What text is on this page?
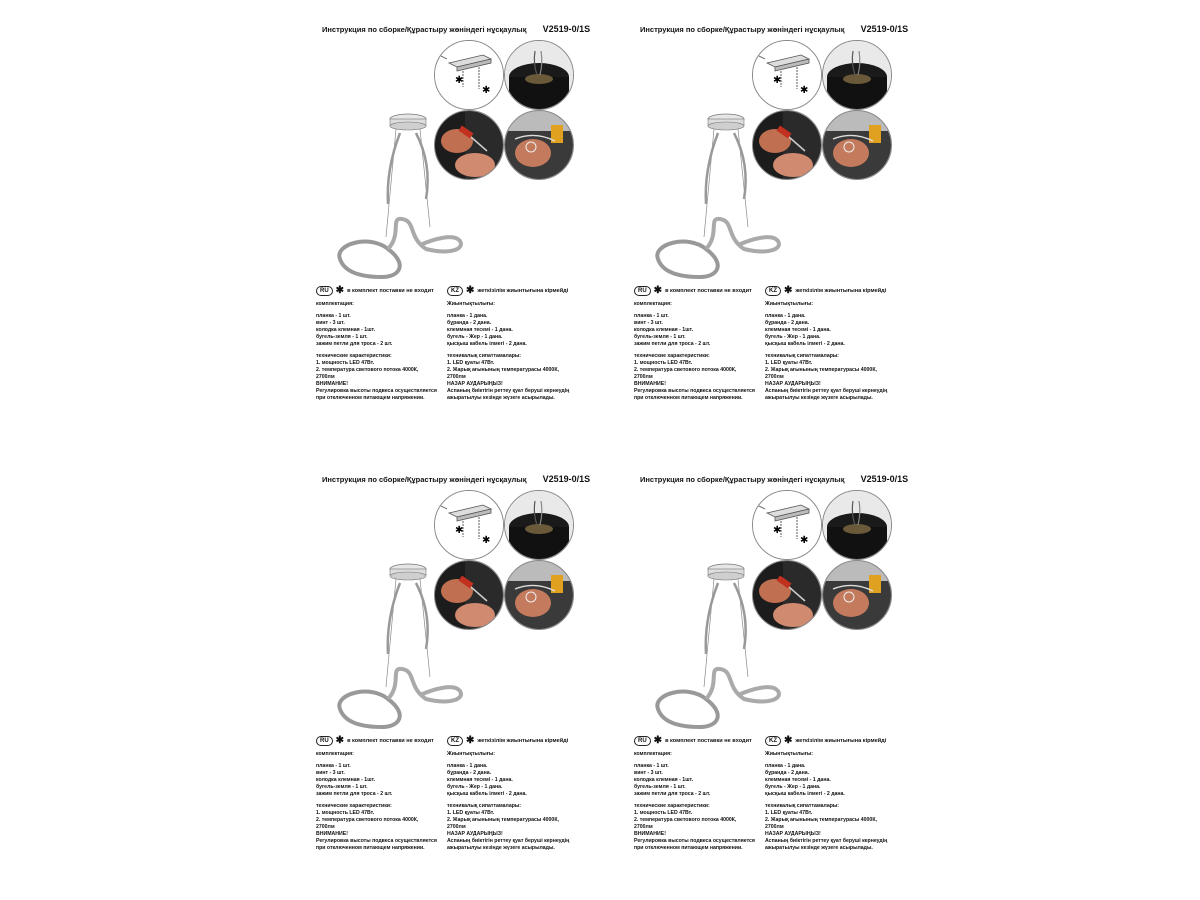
Инструкция по сборке/Құрастыру жөніндегі нұсқаулық V2519-0/1S
✱
✱
RU ✱ в комплект поставки не входит
комплектация:
планка - 1 шт.
винт - 3 шт.
колодка клемная - 1шт.
бугель-земля - 1 шт.
зажим петли для троса - 2 шт.
технические характеристики:
1. мощность LED 47Вт.
2. температура светового потока 4000К,
2700лм
ВНИМАНИЕ!
Регулировка высоты подвеса осуществляется
при отключенном питающем напряжении.
KZ ✱ жеткізілім жиынтығына кірмейді
Жиынтықтылығы:
планка - 1 дана.
бұранда - 2 дана.
клеммная тесемі - 1 дана.
бугель - Жер - 1 дана.
қысқыш кабель ілмегі - 2 дана.
техникалық сипаттамалары:
1. LED қуаты 47Вт.
2. Жарық ағынының температурасы 4000К,
2700лм
НАЗАР АУДАРЫҢЫЗ!
Аспаның биіктігін реттеу қуат беруші кернеудің
ажыратылуы кезінде жүзеге асырылады.
Инструкция по сборке/Құрастыру жөніндегі нұсқаулық V2519-0/1S
✱
✱
RU ✱ в комплект поставки не входит
комплектация:
планка - 1 шт.
винт - 3 шт.
колодка клемная - 1шт.
бугель-земля - 1 шт.
зажим петли для троса - 2 шт.
технические характеристики:
1. мощность LED 47Вт.
2. температура светового потока 4000К,
2700лм
ВНИМАНИЕ!
Регулировка высоты подвеса осуществляется
при отключенном питающем напряжении.
KZ ✱ жеткізілім жиынтығына кірмейді
Жиынтықтылығы:
планка - 1 дана.
бұранда - 2 дана.
клеммная тесемі - 1 дана.
бугель - Жер - 1 дана.
қысқыш кабель ілмегі - 2 дана.
техникалық сипаттамалары:
1. LED қуаты 47Вт.
2. Жарық ағынының температурасы 4000К,
2700лм
НАЗАР АУДАРЫҢЫЗ!
Аспаның биіктігін реттеу қуат беруші кернеудің
ажыратылуы кезінде жүзеге асырылады.
Инструкция по сборке/Құрастыру жөніндегі нұсқаулық V2519-0/1S
✱
✱
RU ✱ в комплект поставки не входит
комплектация:
планка - 1 шт.
винт - 3 шт.
колодка клемная - 1шт.
бугель-земля - 1 шт.
зажим петли для троса - 2 шт.
технические характеристики:
1. мощность LED 47Вт.
2. температура светового потока 4000К,
2700лм
ВНИМАНИЕ!
Регулировка высоты подвеса осуществляется
при отключенном питающем напряжении.
KZ ✱ жеткізілім жиынтығына кірмейді
Жиынтықтылығы:
планка - 1 дана.
бұранда - 2 дана.
клеммная тесемі - 1 дана.
бугель - Жер - 1 дана.
қысқыш кабель ілмегі - 2 дана.
техникалық сипаттамалары:
1. LED қуаты 47Вт.
2. Жарық ағынының температурасы 4000К,
2700лм
НАЗАР АУДАРЫҢЫЗ!
Аспаның биіктігін реттеу қуат беруші кернеудің
ажыратылуы кезінде жүзеге асырылады.
Инструкция по сборке/Құрастыру жөніндегі нұсқаулық V2519-0/1S
✱
✱
RU ✱ в комплект поставки не входит
комплектация:
планка - 1 шт.
винт - 3 шт.
колодка клемная - 1шт.
бугель-земля - 1 шт.
зажим петли для троса - 2 шт.
технические характеристики:
1. мощность LED 47Вт.
2. температура светового потока 4000К,
2700лм
ВНИМАНИЕ!
Регулировка высоты подвеса осуществляется
при отключенном питающем напряжении.
KZ ✱ жеткізілім жиынтығына кірмейді
Жиынтықтылығы:
планка - 1 дана.
бұранда - 2 дана.
клеммная тесемі - 1 дана.
бугель - Жер - 1 дана.
қысқыш кабель ілмегі - 2 дана.
техникалық сипаттамалары:
1. LED қуаты 47Вт.
2. Жарық ағынының температурасы 4000К,
2700лм
НАЗАР АУДАРЫҢЫЗ!
Аспаның биіктігін реттеу қуат беруші кернеудің
ажыратылуы кезінде жүзеге асырылады.
